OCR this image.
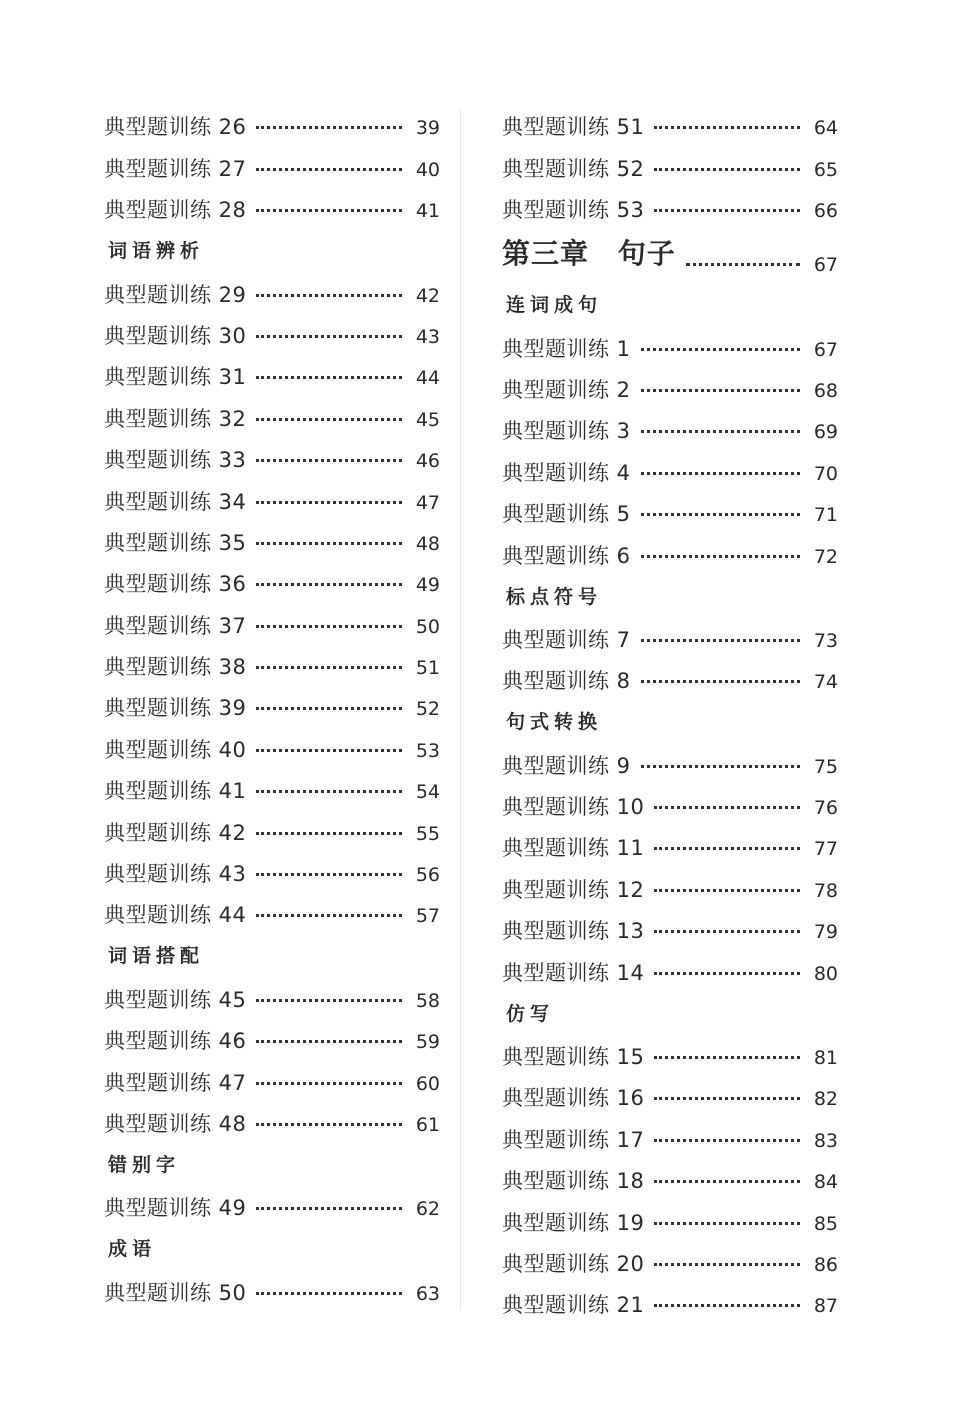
典型题训练 26	39
典型题训练 27	40
典型题训练 28	41
词语辨析
典型题训练 29	42
典型题训练 30	43
典型题训练 31	44
典型题训练 32	45
典型题训练 33	46
典型题训练 34	47
典型题训练 35	48
典型题训练 36	49
典型题训练 37	50
典型题训练 38	51
典型题训练 39	52
典型题训练 40	53
典型题训练 41	54
典型题训练 42	55
典型题训练 43	56
典型题训练 44	57
词语搭配
典型题训练 45	58
典型题训练 46	59
典型题训练 47	60
典型题训练 48	61
错别字
典型题训练 49	62
成语
典型题训练 50	63
典型题训练 51	64
典型题训练 52	65
典型题训练 53	66
第三章 句子	67
连词成句
典型题训练 1	67
典型题训练 2	68
典型题训练 3	69
典型题训练 4	70
典型题训练 5	71
典型题训练 6	72
标点符号
典型题训练 7	73
典型题训练 8	74
句式转换
典型题训练 9	75
典型题训练 10	76
典型题训练 11	77
典型题训练 12	78
典型题训练 13	79
典型题训练 14	80
仿写
典型题训练 15	81
典型题训练 16	82
典型题训练 17	83
典型题训练 18	84
典型题训练 19	85
典型题训练 20	86
典型题训练 21	87
